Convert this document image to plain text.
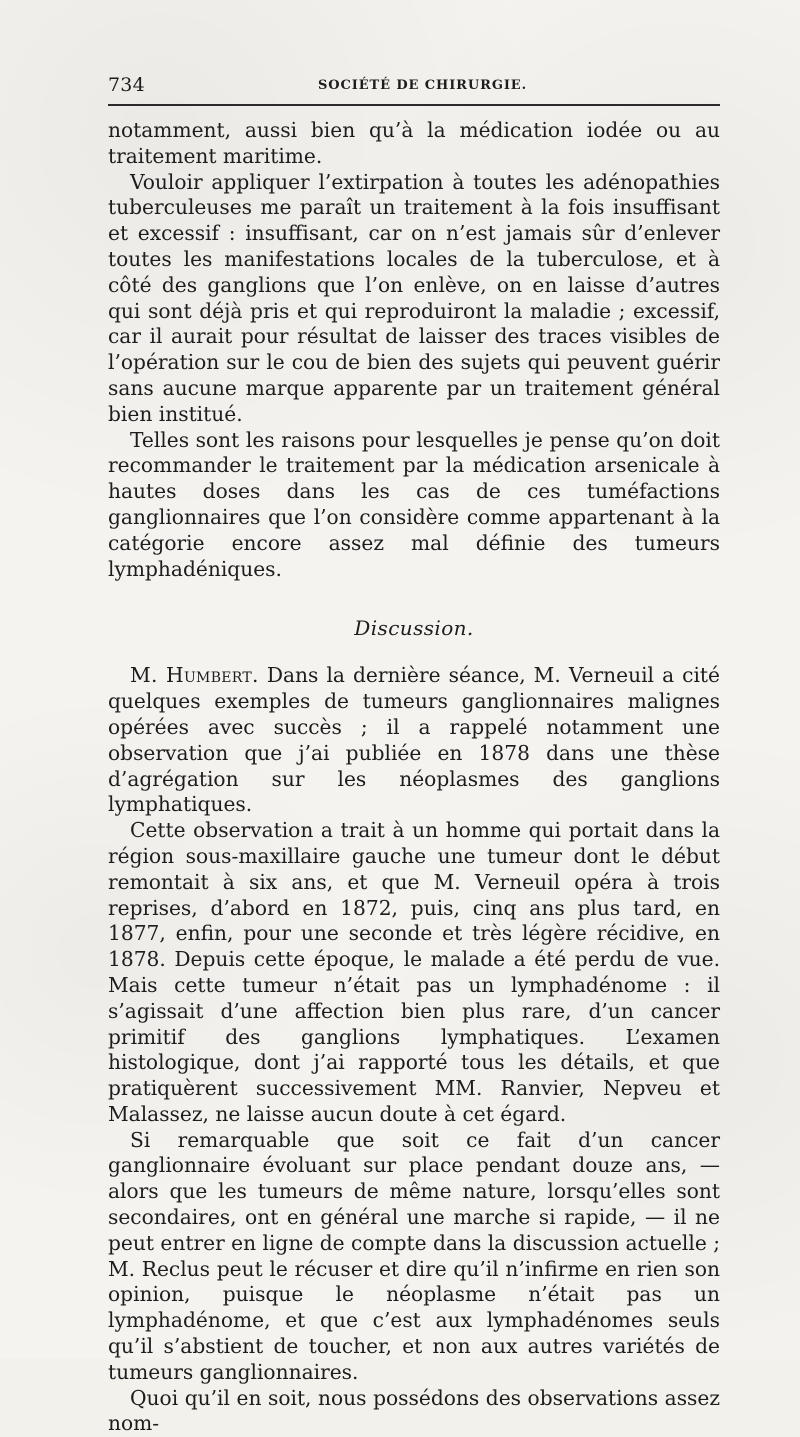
734	SOCIÉTÉ DE CHIRURGIE.

notamment, aussi bien qu’à la médication iodée ou au traitement maritime.

Vouloir appliquer l’extirpation à toutes les adénopathies tuberculeuses me paraît un traitement à la fois insuffisant et excessif : insuffisant, car on n’est jamais sûr d’enlever toutes les manifestations locales de la tuberculose, et à côté des ganglions que l’on enlève, on en laisse d’autres qui sont déjà pris et qui reproduiront la maladie ; excessif, car il aurait pour résultat de laisser des traces visibles de l’opération sur le cou de bien des sujets qui peuvent guérir sans aucune marque apparente par un traitement général bien institué.

Telles sont les raisons pour lesquelles je pense qu’on doit recommander le traitement par la médication arsenicale à hautes doses dans les cas de ces tuméfactions ganglionnaires que l’on considère comme appartenant à la catégorie encore assez mal définie des tumeurs lymphadéniques.

Discussion.

M. Humbert. Dans la dernière séance, M. Verneuil a cité quelques exemples de tumeurs ganglionnaires malignes opérées avec succès ; il a rappelé notamment une observation que j’ai publiée en 1878 dans une thèse d’agrégation sur les néoplasmes des ganglions lymphatiques.

Cette observation a trait à un homme qui portait dans la région sous-maxillaire gauche une tumeur dont le début remontait à six ans, et que M. Verneuil opéra à trois reprises, d’abord en 1872, puis, cinq ans plus tard, en 1877, enfin, pour une seconde et très légère récidive, en 1878. Depuis cette époque, le malade a été perdu de vue. Mais cette tumeur n’était pas un lymphadénome : il s’agissait d’une affection bien plus rare, d’un cancer primitif des ganglions lymphatiques. L’examen histologique, dont j’ai rapporté tous les détails, et que pratiquèrent successivement MM. Ranvier, Nepveu et Malassez, ne laisse aucun doute à cet égard.

Si remarquable que soit ce fait d’un cancer ganglionnaire évoluant sur place pendant douze ans, — alors que les tumeurs de même nature, lorsqu’elles sont secondaires, ont en général une marche si rapide, — il ne peut entrer en ligne de compte dans la discussion actuelle ; M. Reclus peut le récuser et dire qu’il n’infirme en rien son opinion, puisque le néoplasme n’était pas un lymphadénome, et que c’est aux lymphadénomes seuls qu’il s’abstient de toucher, et non aux autres variétés de tumeurs ganglionnaires.

Quoi qu’il en soit, nous possédons des observations assez nom-
